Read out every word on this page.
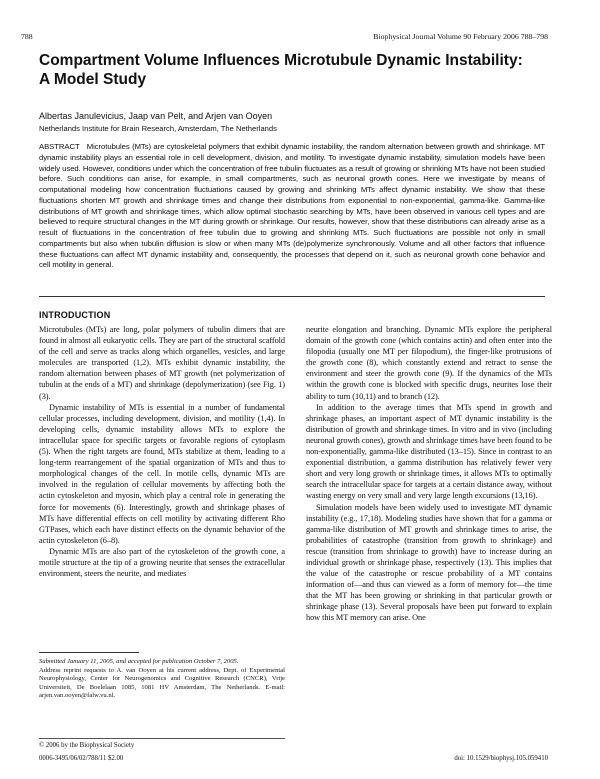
788	Biophysical Journal Volume 90 February 2006 788–798
Compartment Volume Influences Microtubule Dynamic Instability:
A Model Study
Albertas Janulevicius, Jaap van Pelt, and Arjen van Ooyen
Netherlands Institute for Brain Research, Amsterdam, The Netherlands

ABSTRACT Microtubules (MTs) are cytoskeletal polymers that exhibit dynamic instability, the random alternation between growth and shrinkage. MT dynamic instability plays an essential role in cell development, division, and motility. To investigate dynamic instability, simulation models have been widely used. However, conditions under which the concentration of free tubulin fluctuates as a result of growing or shrinking MTs have not been studied before. Such conditions can arise, for example, in small compartments, such as neuronal growth cones. Here we investigate by means of computational modeling how concentration fluctuations caused by growing and shrinking MTs affect dynamic instability. We show that these fluctuations shorten MT growth and shrinkage times and change their distributions from exponential to non-exponential, gamma-like. Gamma-like distributions of MT growth and shrinkage times, which allow optimal stochastic searching by MTs, have been observed in various cell types and are believed to require structural changes in the MT during growth or shrinkage. Our results, however, show that these distributions can already arise as a result of fluctuations in the concentration of free tubulin due to growing and shrinking MTs. Such fluctuations are possible not only in small compartments but also when tubulin diffusion is slow or when many MTs (de)polymerize synchronously. Volume and all other factors that influence these fluctuations can affect MT dynamic instability and, consequently, the processes that depend on it, such as neuronal growth cone behavior and cell motility in general.

INTRODUCTION

Microtubules (MTs) are long, polar polymers of tubulin dimers that are found in almost all eukaryotic cells. They are part of the structural scaffold of the cell and serve as tracks along which organelles, vesicles, and large molecules are transported (1,2). MTs exhibit dynamic instability, the random alternation between phases of MT growth (net polymerization of tubulin at the ends of a MT) and shrinkage (depolymerization) (see Fig. 1) (3).

Dynamic instability of MTs is essential in a number of fundamental cellular processes, including development, division, and motility (1,4). In developing cells, dynamic instability allows MTs to explore the intracellular space for specific targets or favorable regions of cytoplasm (5). When the right targets are found, MTs stabilize at them, leading to a long-term rearrangement of the spatial organization of MTs and thus to morphological changes of the cell. In motile cells, dynamic MTs are involved in the regulation of cellular movements by affecting both the actin cytoskeleton and myosin, which play a central role in generating the force for movements (6). Interestingly, growth and shrinkage phases of MTs have differential effects on cell motility by activating different Rho GTPases, which each have distinct effects on the dynamic behavior of the actin cytoskeleton (6–8).

Dynamic MTs are also part of the cytoskeleton of the growth cone, a motile structure at the tip of a growing neurite that senses the extracellular environment, steers the neurite, and mediates

neurite elongation and branching. Dynamic MTs explore the peripheral domain of the growth cone (which contains actin) and often enter into the filopodia (usually one MT per filopodium), the finger-like protrusions of the growth cone (8), which constantly extend and retract to sense the environment and steer the growth cone (9). If the dynamics of the MTs within the growth cone is blocked with specific drugs, neurites lose their ability to turn (10,11) and to branch (12).

In addition to the average times that MTs spend in growth and shrinkage phases, an important aspect of MT dynamic instability is the distribution of growth and shrinkage times. In vitro and in vivo (including neuronal growth cones), growth and shrinkage times have been found to be non-exponentially, gamma-like distributed (13–15). Since in contrast to an exponential distribution, a gamma distribution has relatively fewer very short and very long growth or shrinkage times, it allows MTs to optimally search the intracellular space for targets at a certain distance away, without wasting energy on very small and very large length excursions (13,16).

Simulation models have been widely used to investigate MT dynamic instability (e.g., 17,18). Modeling studies have shown that for a gamma or gamma-like distribution of MT growth and shrinkage times to arise, the probabilities of catastrophe (transition from growth to shrinkage) and rescue (transition from shrinkage to growth) have to increase during an individual growth or shrinkage phase, respectively (13). This implies that the value of the catastrophe or rescue probability of a MT contains information of—and thus can viewed as a form of memory for—the time that the MT has been growing or shrinking in that particular growth or shrinkage phase (13). Several proposals have been put forward to explain how this MT memory can arise. One

Submitted January 11, 2005, and accepted for publication October 7, 2005.

Address reprint requests to A. van Ooyen at his current address, Dept. of Experimental Neurophysiology, Center for Neurogenomics and Cognitive Research (CNCR), Vrije Universiteit, De Boelelaan 1085, 1081 HV Amsterdam, The Netherlands. E-mail: arjen.van.ooyen@falw.vu.nl.

© 2006 by the Biophysical Society
0006-3495/06/02/788/11 $2.00	doi: 10.1529/biophysj.105.059410
